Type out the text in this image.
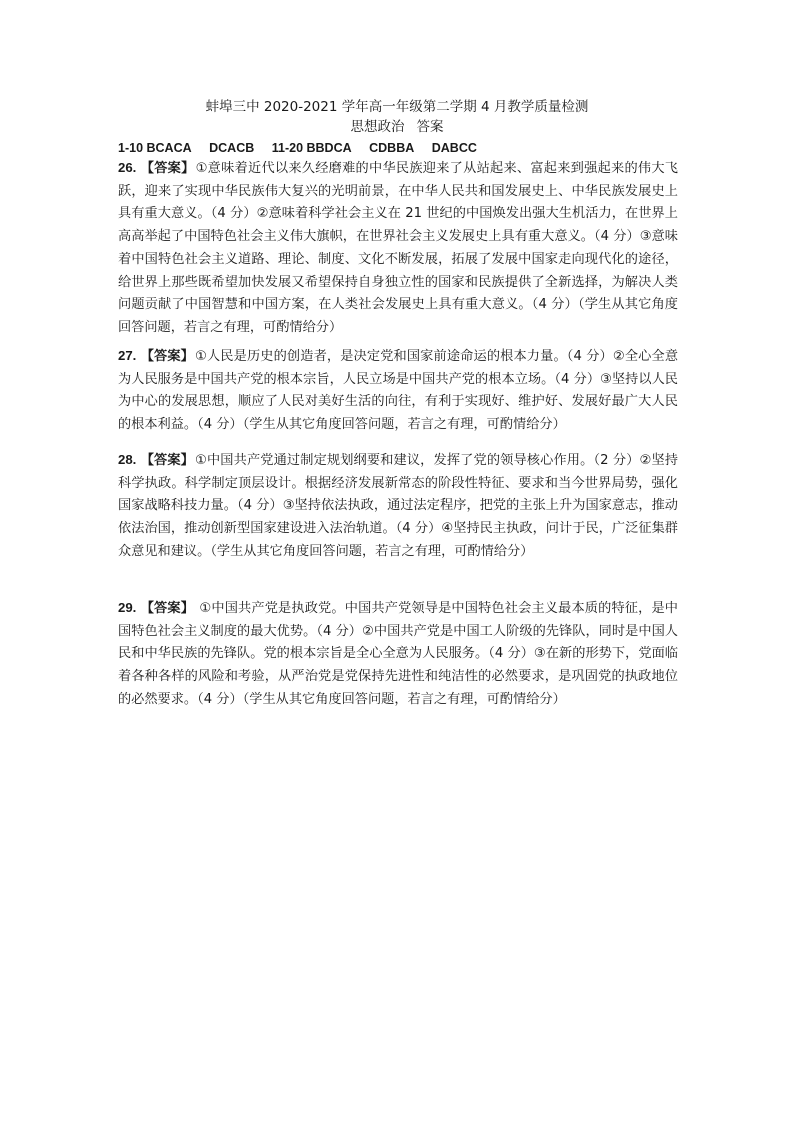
蚌埠三中 2020-2021 学年高一年级第二学期 4 月教学质量检测
思想政治 答案
1-10 BCACA DCACB 11-20 BBDCA CDBBA DABCC

26. 【答案】①意味着近代以来久经磨难的中华民族迎来了从站起来、富起来到强起来的伟大飞跃，迎来了实现中华民族伟大复兴的光明前景，在中华人民共和国发展史上、中华民族发展史上具有重大意义。（4 分）②意味着科学社会主义在 21 世纪的中国焕发出强大生机活力，在世界上高高举起了中国特色社会主义伟大旗帜，在世界社会主义发展史上具有重大意义。（4 分）③意味着中国特色社会主义道路、理论、制度、文化不断发展，拓展了发展中国家走向现代化的途径，给世界上那些既希望加快发展又希望保持自身独立性的国家和民族提供了全新选择，为解决人类问题贡献了中国智慧和中国方案，在人类社会发展史上具有重大意义。（4 分）（学生从其它角度回答问题，若言之有理，可酌情给分）

27. 【答案】①人民是历史的创造者，是决定党和国家前途命运的根本力量。（4 分）②全心全意为人民服务是中国共产党的根本宗旨，人民立场是中国共产党的根本立场。（4 分）③坚持以人民为中心的发展思想，顺应了人民对美好生活的向往，有利于实现好、维护好、发展好最广大人民的根本利益。（4 分）（学生从其它角度回答问题，若言之有理，可酌情给分）

28. 【答案】①中国共产党通过制定规划纲要和建议，发挥了党的领导核心作用。（2 分）②坚持科学执政。科学制定顶层设计。根据经济发展新常态的阶段性特征、要求和当今世界局势，强化国家战略科技力量。（4 分）③坚持依法执政，通过法定程序，把党的主张上升为国家意志，推动依法治国，推动创新型国家建设进入法治轨道。（4 分）④坚持民主执政，问计于民，广泛征集群众意见和建议。（学生从其它角度回答问题，若言之有理，可酌情给分）

29. 【答案】 ①中国共产党是执政党。中国共产党领导是中国特色社会主义最本质的特征，是中国特色社会主义制度的最大优势。（4 分）②中国共产党是中国工人阶级的先锋队，同时是中国人民和中华民族的先锋队。党的根本宗旨是全心全意为人民服务。（4 分）③在新的形势下，党面临着各种各样的风险和考验，从严治党是党保持先进性和纯洁性的必然要求，是巩固党的执政地位的必然要求。（4 分）（学生从其它角度回答问题，若言之有理，可酌情给分）
